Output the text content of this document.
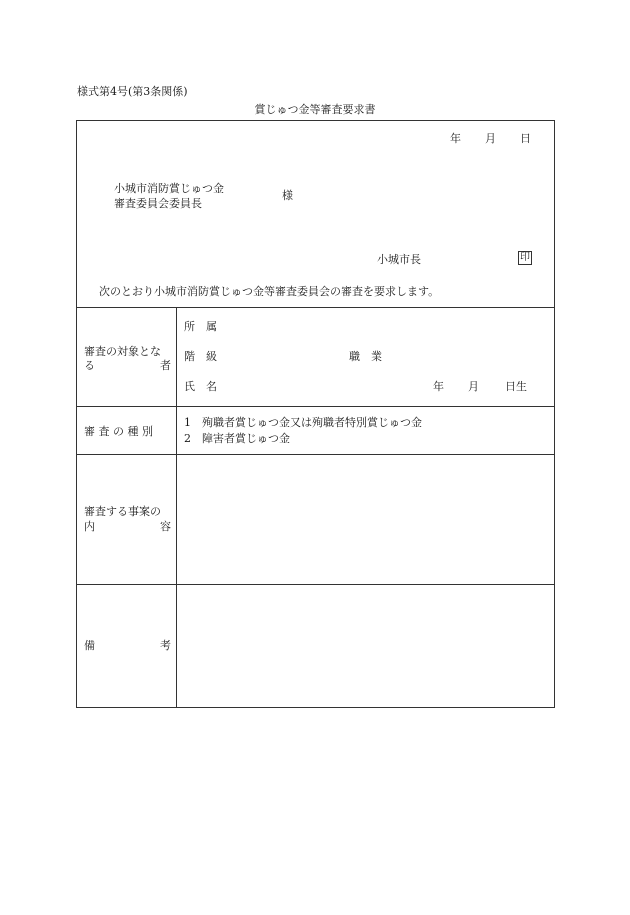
様式第4号(第3条関係)
賞じゅつ金等審査要求書
年 月 日
小城市消防賞じゅつ金
審査委員会委員長
様
小城市長	印
次のとおり小城市消防賞じゅつ金等審査委員会の審査を要求します。
審査の対象とな
る	者
所　属
階　級	職　業
氏　名	年 月 日生
審 査 の 種 別
1　殉職者賞じゅつ金又は殉職者特別賞じゅつ金
2　障害者賞じゅつ金
審査する事案の
内	容
備	考
